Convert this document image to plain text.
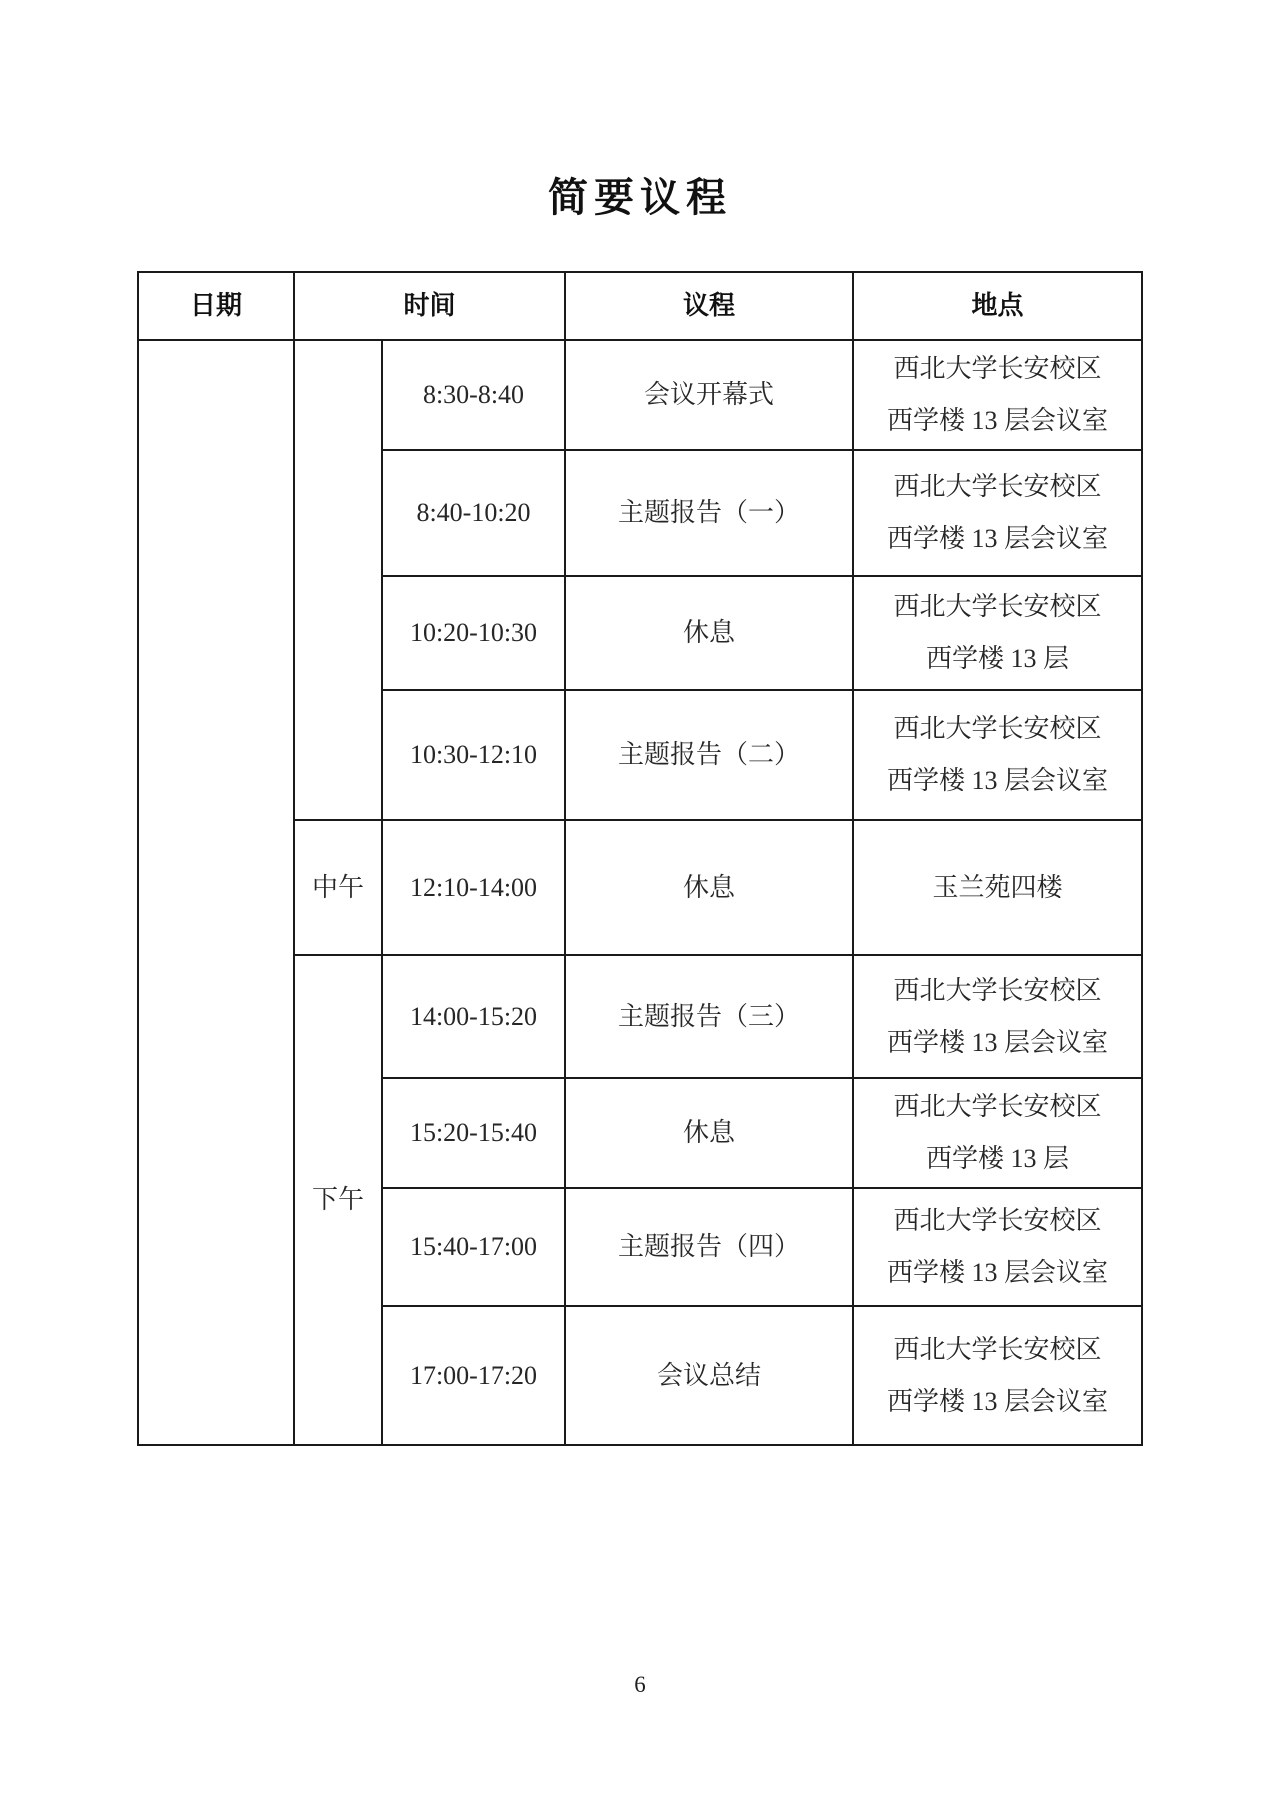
简要议程
日期	时间		议程	地点
		8:30-8:40	会议开幕式	西北大学长安校区
西学楼 13 层会议室

		8:40-10:20	主题报告（一）	西北大学长安校区
西学楼 13 层会议室

		10:20-10:30	休息	西北大学长安校区
西学楼 13 层

		10:30-12:10	主题报告（二）	西北大学长安校区
西学楼 13 层会议室

	中午	12:10-14:00	休息	玉兰苑四楼

	下午	14:00-15:20	主题报告（三）	西北大学长安校区
西学楼 13 层会议室

		15:20-15:40	休息	西北大学长安校区
西学楼 13 层

		15:40-17:00	主题报告（四）	西北大学长安校区
西学楼 13 层会议室

		17:00-17:20	会议总结	西北大学长安校区
西学楼 13 层会议室
6
